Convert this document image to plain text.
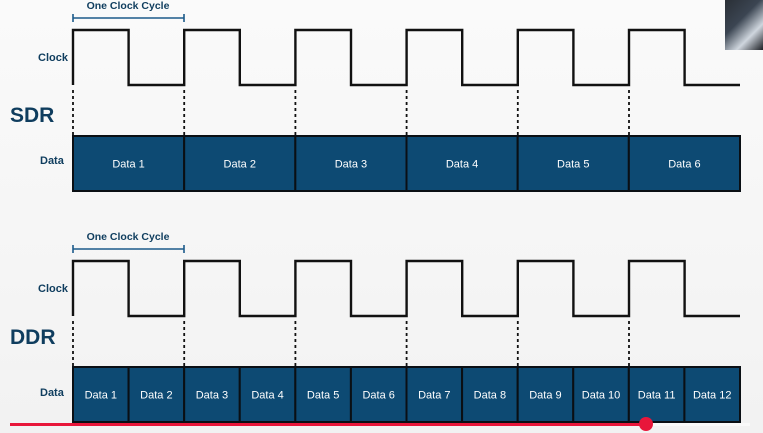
One Clock Cycle
Clock
SDR
Data	Data 1	Data 2	Data 3	Data 4	Data 5	Data 6
One Clock Cycle
Clock
DDR
Data Data 1 Data 2 Data 3 Data 4 Data 5 Data 6 Data 7 Data 8 Data 9 Data 10 Data 11 Data 12
